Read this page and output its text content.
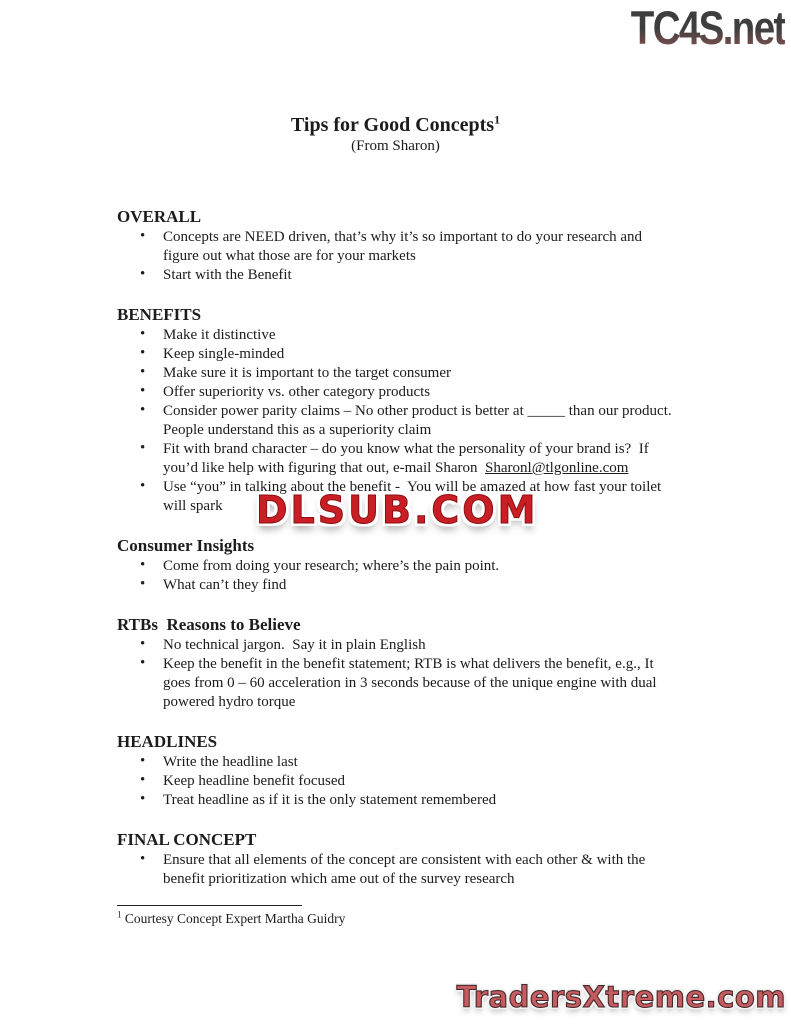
TC4S.net
Tips for Good Concepts$^1$
(From Sharon)
OVERALL
• Concepts are NEED driven, that’s why it’s so important to do your research and figure out what those are for your markets
• Start with the Benefit
BENEFITS
• Make it distinctive
• Keep single-minded
• Make sure it is important to the target consumer
• Offer superiority vs. other category products
• Consider power parity claims – No other product is better at _____ than our product.  People understand this as a superiority claim
• Fit with brand character – do you know what the personality of your brand is?  If you’d like help with figuring that out, e-mail Sharon  Sharonl@tlgonline.com
• Use “you” in talking about the benefit -  You will be amazed at how fast your toilet will spark
Consumer Insights
• Come from doing your research; where’s the pain point.
• What can’t they find
RTBs  Reasons to Believe
• No technical jargon.  Say it in plain English
• Keep the benefit in the benefit statement; RTB is what delivers the benefit, e.g., It goes from 0 – 60 acceleration in 3 seconds because of the unique engine with dual powered hydro torque
HEADLINES
• Write the headline last
• Keep headline benefit focused
• Treat headline as if it is the only statement remembered
FINAL CONCEPT
• Ensure that all elements of the concept are consistent with each other & with the benefit prioritization which ame out of the survey research
$^1$ Courtesy Concept Expert Martha Guidry
DLSUB.COM
TradersXtreme.com
